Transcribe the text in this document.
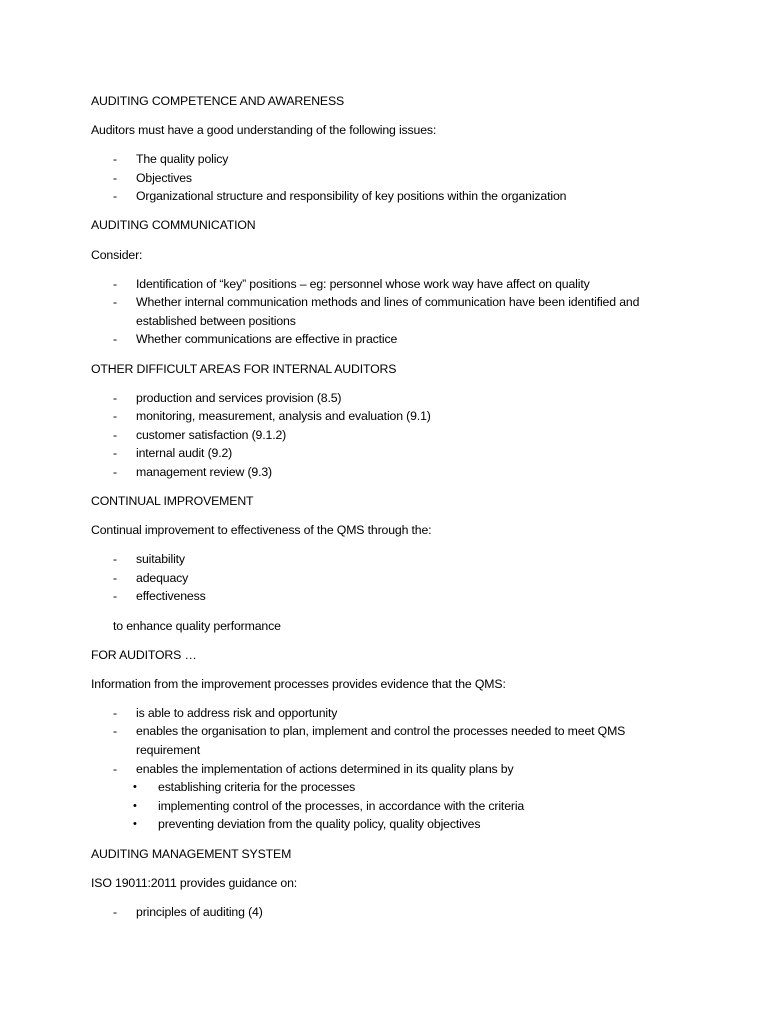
AUDITING COMPETENCE AND AWARENESS

Auditors must have a good understanding of the following issues:

- The quality policy
- Objectives
- Organizational structure and responsibility of key positions within the organization

AUDITING COMMUNICATION

Consider:

- Identification of “key” positions – eg: personnel whose work way have affect on quality
- Whether internal communication methods and lines of communication have been identified and established between positions
- Whether communications are effective in practice

OTHER DIFFICULT AREAS FOR INTERNAL AUDITORS

- production and services provision (8.5)
- monitoring, measurement, analysis and evaluation (9.1)
- customer satisfaction (9.1.2)
- internal audit (9.2)
- management review (9.3)

CONTINUAL IMPROVEMENT

Continual improvement to effectiveness of the QMS through the:

- suitability
- adequacy
- effectiveness

to enhance quality performance

FOR AUDITORS …

Information from the improvement processes provides evidence that the QMS:

- is able to address risk and opportunity
- enables the organisation to plan, implement and control the processes needed to meet QMS requirement
- enables the implementation of actions determined in its quality plans by
• establishing criteria for the processes
• implementing control of the processes, in accordance with the criteria
• preventing deviation from the quality policy, quality objectives

AUDITING MANAGEMENT SYSTEM

ISO 19011:2011 provides guidance on:

- principles of auditing (4)
